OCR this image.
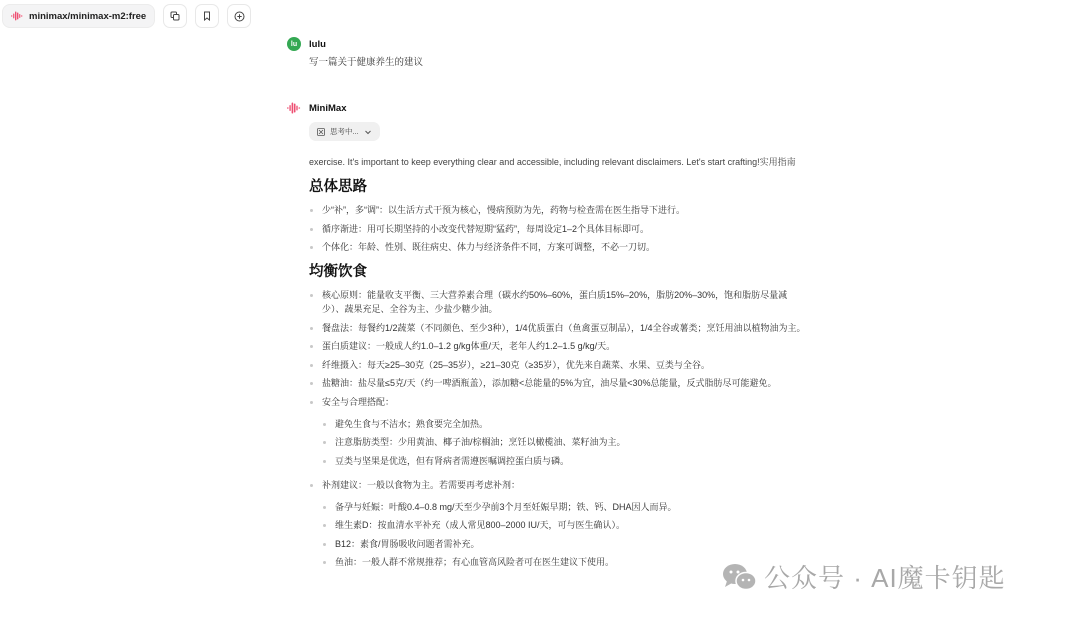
minimax/minimax-m2:free
lu	lulu
写一篇关于健康养生的建议
MiniMax
思考中...

exercise. It's important to keep everything clear and accessible, including relevant disclaimers. Let's start crafting!实用指南

总体思路
少“补”，多“调”：以生活方式干预为核心，慢病预防为先，药物与检查需在医生指导下进行。
循序渐进：用可长期坚持的小改变代替短期“猛药”，每周设定1–2个具体目标即可。
个体化：年龄、性别、既往病史、体力与经济条件不同，方案可调整，不必一刀切。
均衡饮食
核心原则：能量收支平衡、三大营养素合理（碳水约50%–60%，蛋白质15%–20%，脂肪20%–30%，饱和脂肪尽量减少）、蔬果充足、全谷为主、少盐少糖少油。
餐盘法：每餐约1/2蔬菜（不同颜色、至少3种），1/4优质蛋白（鱼禽蛋豆制品），1/4全谷或薯类；烹饪用油以植物油为主。
蛋白质建议：一般成人约1.0–1.2 g/kg体重/天，老年人约1.2–1.5 g/kg/天。
纤维摄入：每天≥25–30克（25–35岁），≥21–30克（≥35岁），优先来自蔬菜、水果、豆类与全谷。
盐糖油：盐尽量≤5克/天（约一啤酒瓶盖），添加糖<总能量的5%为宜，油尽量<30%总能量，反式脂肪尽可能避免。
安全与合理搭配：
避免生食与不洁水；熟食要完全加热。
注意脂肪类型：少用黄油、椰子油/棕榈油；烹饪以橄榄油、菜籽油为主。
豆类与坚果是优选，但有肾病者需遵医嘱调控蛋白质与磷。
补剂建议：一般以食物为主。若需要再考虑补剂：
备孕与妊娠：叶酸0.4–0.8 mg/天至少孕前3个月至妊娠早期；铁、钙、DHA因人而异。
维生素D：按血清水平补充（成人常见800–2000 IU/天，可与医生确认）。
B12：素食/胃肠吸收问题者需补充。
鱼油：一般人群不常规推荐；有心血管高风险者可在医生建议下使用。
公众号 · AI魔卡钥匙
